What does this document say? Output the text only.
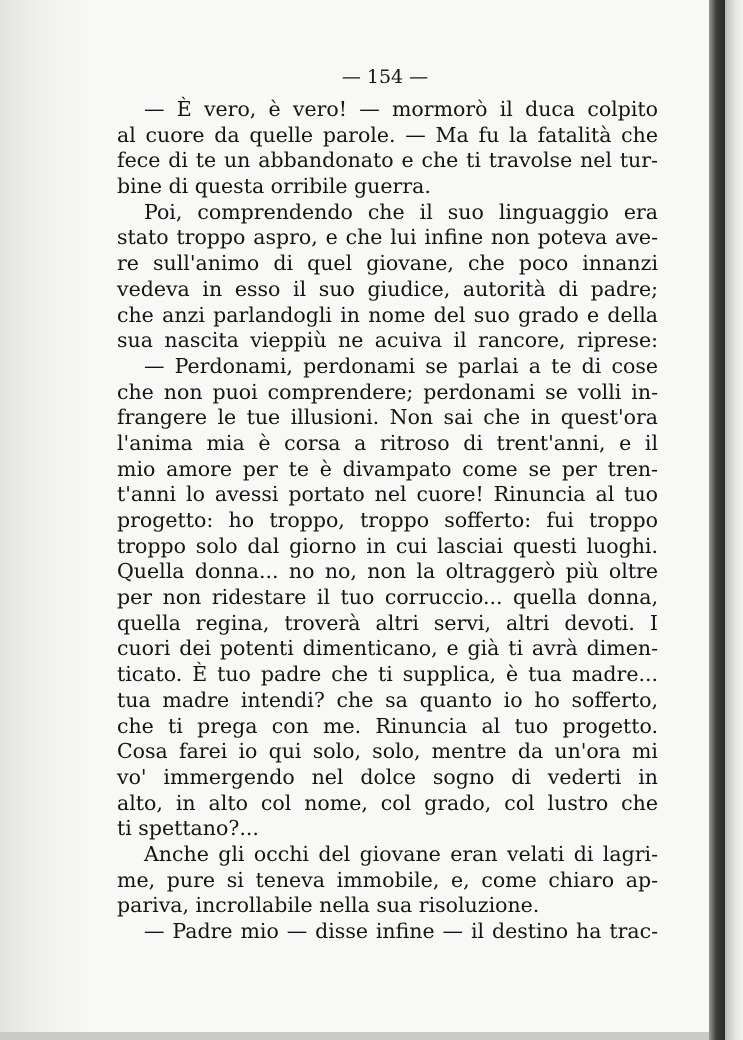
— 154 —
— È vero, è vero! — mormorò il duca colpito
al cuore da quelle parole. — Ma fu la fatalità che
fece di te un abbandonato e che ti travolse nel tur-
bine di questa orribile guerra.
Poi, comprendendo che il suo linguaggio era
stato troppo aspro, e che lui infine non poteva ave-
re sull'animo di quel giovane, che poco innanzi
vedeva in esso il suo giudice, autorità di padre;
che anzi parlandogli in nome del suo grado e della
sua nascita vieppiù ne acuiva il rancore, riprese:
— Perdonami, perdonami se parlai a te di cose
che non puoi comprendere; perdonami se volli in-
frangere le tue illusioni. Non sai che in quest'ora
l'anima mia è corsa a ritroso di trent'anni, e il
mio amore per te è divampato come se per tren-
t'anni lo avessi portato nel cuore! Rinuncia al tuo
progetto: ho troppo, troppo sofferto: fui troppo
troppo solo dal giorno in cui lasciai questi luoghi.
Quella donna... no no, non la oltraggerò più oltre
per non ridestare il tuo corruccio... quella donna,
quella regina, troverà altri servi, altri devoti. I
cuori dei potenti dimenticano, e già ti avrà dimen-
ticato. È tuo padre che ti supplica, è tua madre...
tua madre intendi? che sa quanto io ho sofferto,
che ti prega con me. Rinuncia al tuo progetto.
Cosa farei io qui solo, solo, mentre da un'ora mi
vo' immergendo nel dolce sogno di vederti in
alto, in alto col nome, col grado, col lustro che
ti spettano?...
Anche gli occhi del giovane eran velati di lagri-
me, pure si teneva immobile, e, come chiaro ap-
pariva, incrollabile nella sua risoluzione.
— Padre mio — disse infine — il destino ha trac-
